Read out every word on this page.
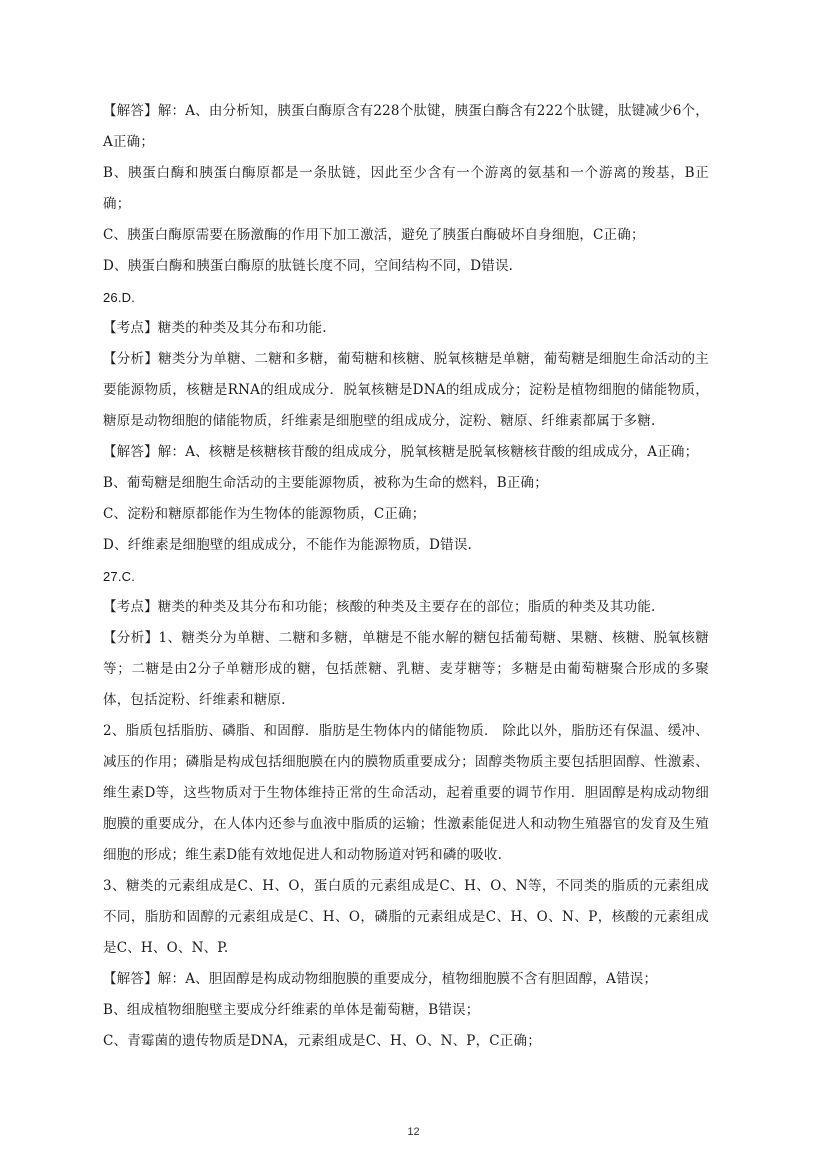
【解答】解：A、由分析知，胰蛋白酶原含有228个肽键，胰蛋白酶含有222个肽键，肽键减少6个，A正确；

B、胰蛋白酶和胰蛋白酶原都是一条肽链，因此至少含有一个游离的氨基和一个游离的羧基，B正确；

C、胰蛋白酶原需要在肠激酶的作用下加工激活，避免了胰蛋白酶破坏自身细胞，C正确；

D、胰蛋白酶和胰蛋白酶原的肽链长度不同，空间结构不同，D错误.

26.D.

【考点】糖类的种类及其分布和功能.

【分析】糖类分为单糖、二糖和多糖，葡萄糖和核糖、脱氧核糖是单糖，葡萄糖是细胞生命活动的主要能源物质，核糖是RNA的组成成分．脱氧核糖是DNA的组成成分；淀粉是植物细胞的储能物质，糖原是动物细胞的储能物质，纤维素是细胞壁的组成成分，淀粉、糖原、纤维素都属于多糖.

【解答】解：A、核糖是核糖核苷酸的组成成分，脱氧核糖是脱氧核糖核苷酸的组成成分，A正确；

B、葡萄糖是细胞生命活动的主要能源物质，被称为生命的燃料，B正确；

C、淀粉和糖原都能作为生物体的能源物质，C正确；

D、纤维素是细胞壁的组成成分，不能作为能源物质，D错误.

27.C.

【考点】糖类的种类及其分布和功能；核酸的种类及主要存在的部位；脂质的种类及其功能.

【分析】1、糖类分为单糖、二糖和多糖，单糖是不能水解的糖包括葡萄糖、果糖、核糖、脱氧核糖等；二糖是由2分子单糖形成的糖，包括蔗糖、乳糖、麦芽糖等；多糖是由葡萄糖聚合形成的多聚体，包括淀粉、纤维素和糖原.

2、脂质包括脂肪、磷脂、和固醇．脂肪是生物体内的储能物质． 除此以外，脂肪还有保温、缓冲、减压的作用；磷脂是构成包括细胞膜在内的膜物质重要成分；固醇类物质主要包括胆固醇、性激素、维生素D等，这些物质对于生物体维持正常的生命活动，起着重要的调节作用．胆固醇是构成动物细胞膜的重要成分，在人体内还参与血液中脂质的运输；性激素能促进人和动物生殖器官的发育及生殖细胞的形成；维生素D能有效地促进人和动物肠道对钙和磷的吸收.

3、糖类的元素组成是C、H、O，蛋白质的元素组成是C、H、O、N等，不同类的脂质的元素组成不同，脂肪和固醇的元素组成是C、H、O，磷脂的元素组成是C、H、O、N、P，核酸的元素组成是C、H、O、N、P.

【解答】解：A、胆固醇是构成动物细胞膜的重要成分，植物细胞膜不含有胆固醇，A错误；

B、组成植物细胞壁主要成分纤维素的单体是葡萄糖，B错误；

C、青霉菌的遗传物质是DNA，元素组成是C、H、O、N、P，C正确；

12
